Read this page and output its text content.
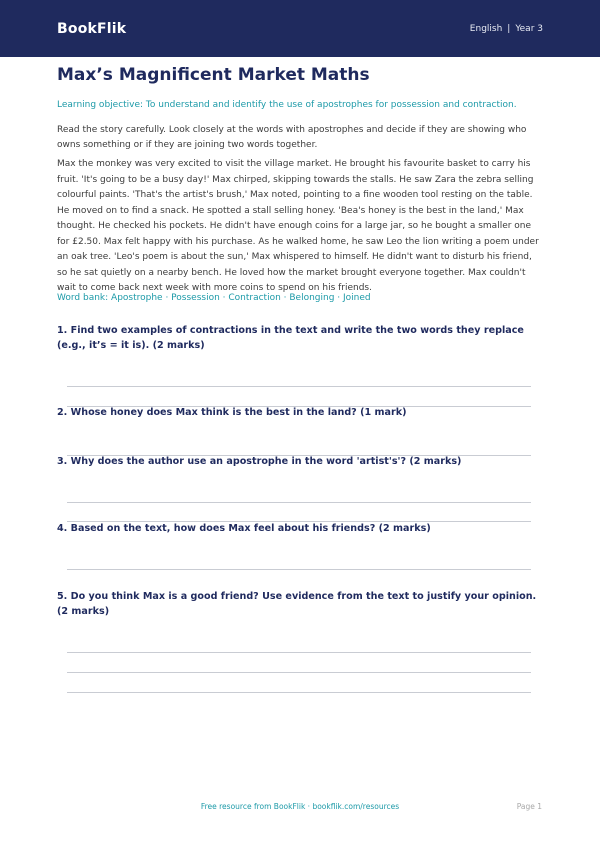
BookFlik	English | Year 3
Max’s Magnificent Market Maths

Learning objective: To understand and identify the use of apostrophes for possession and contraction.

Read the story carefully. Look closely at the words with apostrophes and decide if they are showing who owns something or if they are joining two words together.

Max the monkey was very excited to visit the village market. He brought his favourite basket to carry his fruit. 'It's going to be a busy day!' Max chirped, skipping towards the stalls. He saw Zara the zebra selling colourful paints. 'That's the artist's brush,' Max noted, pointing to a fine wooden tool resting on the table. He moved on to find a snack. He spotted a stall selling honey. 'Bea's honey is the best in the land,' Max thought. He checked his pockets. He didn't have enough coins for a large jar, so he bought a smaller one for £2.50. Max felt happy with his purchase. As he walked home, he saw Leo the lion writing a poem under an oak tree. 'Leo's poem is about the sun,' Max whispered to himself. He didn't want to disturb his friend, so he sat quietly on a nearby bench. He loved how the market brought everyone together. Max couldn't wait to come back next week with more coins to spend on his friends.

Word bank: Apostrophe · Possession · Contraction · Belonging · Joined

1. Find two examples of contractions in the text and write the two words they replace (e.g., it’s = it is). (2 marks)
2. Whose honey does Max think is the best in the land? (1 mark)
3. Why does the author use an apostrophe in the word 'artist's'? (2 marks)
4. Based on the text, how does Max feel about his friends? (2 marks)
5. Do you think Max is a good friend? Use evidence from the text to justify your opinion. (2 marks)
Free resource from BookFlik · bookflik.com/resources	Page 1
